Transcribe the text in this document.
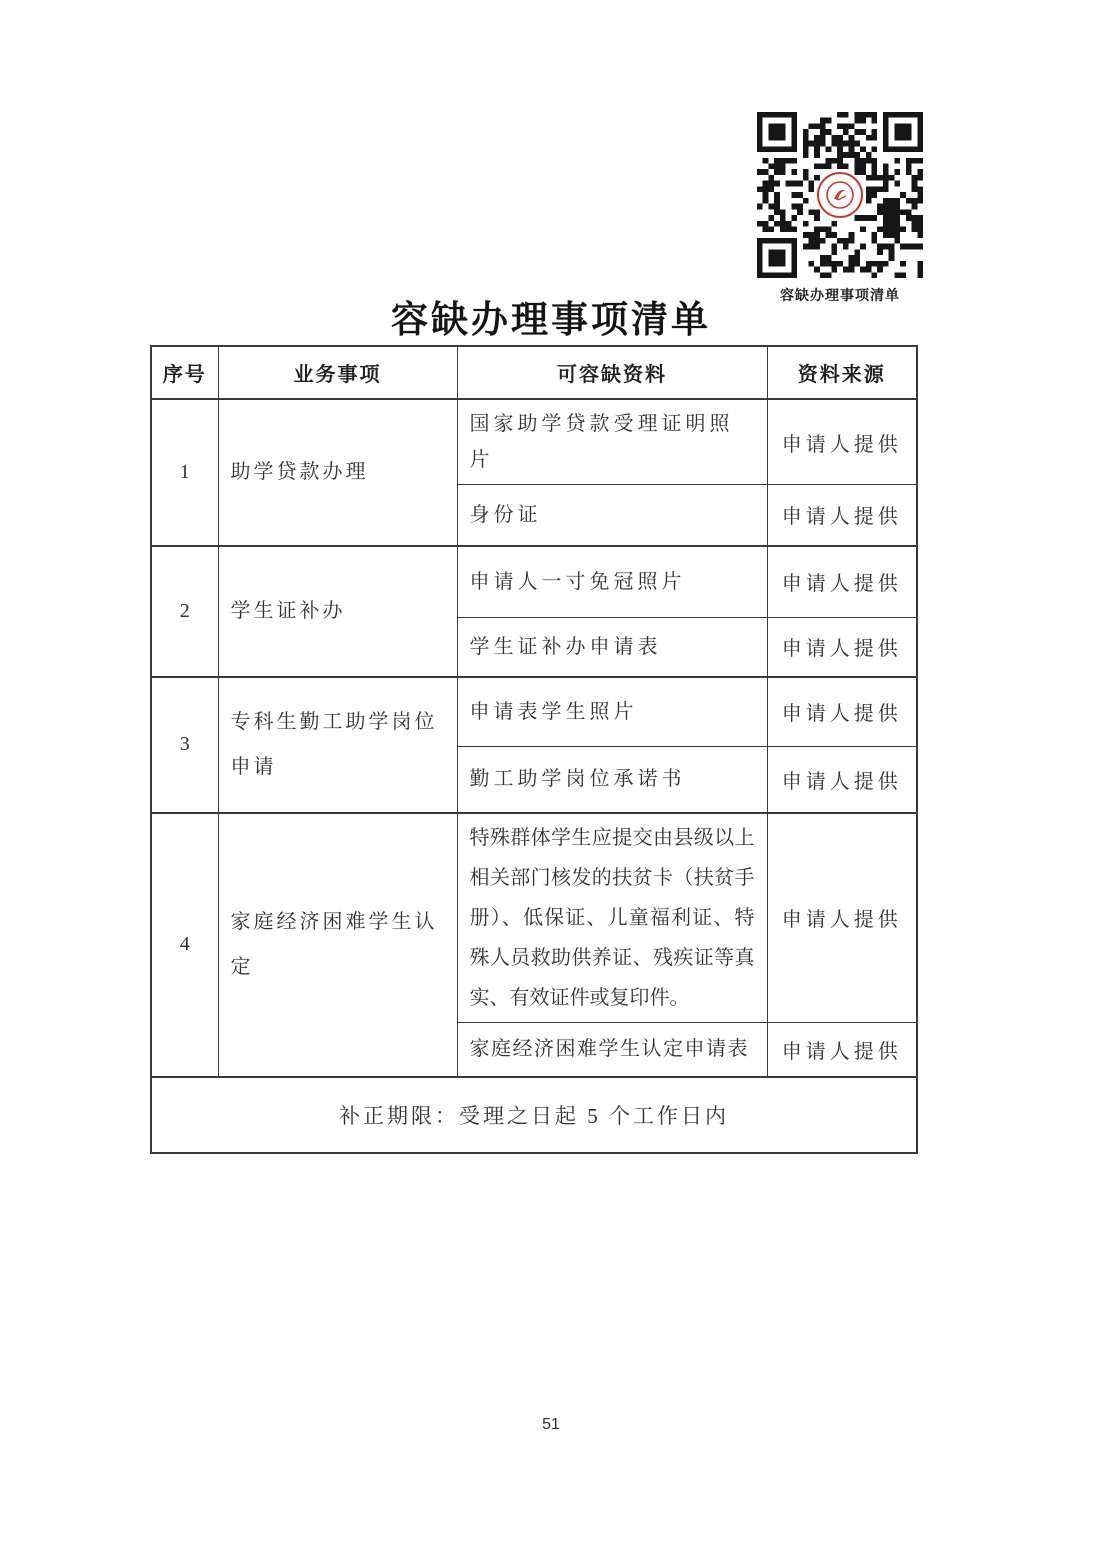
容缺办理事项清单
容缺办理事项清单
序号	业务事项	可容缺资料	资料来源
1	助学贷款办理	国家助学贷款受理证明照片	申请人提供
		身份证	申请人提供
2	学生证补办	申请人一寸免冠照片	申请人提供
		学生证补办申请表	申请人提供
3	专科生勤工助学岗位申请	申请表学生照片	申请人提供
		勤工助学岗位承诺书	申请人提供
4	家庭经济困难学生认定	特殊群体学生应提交由县级以上相关部门核发的扶贫卡（扶贫手册）、低保证、儿童福利证、特殊人员救助供养证、残疾证等真实、有效证件或复印件。	申请人提供
		家庭经济困难学生认定申请表	申请人提供
补正期限：受理之日起 5 个工作日内			
51
